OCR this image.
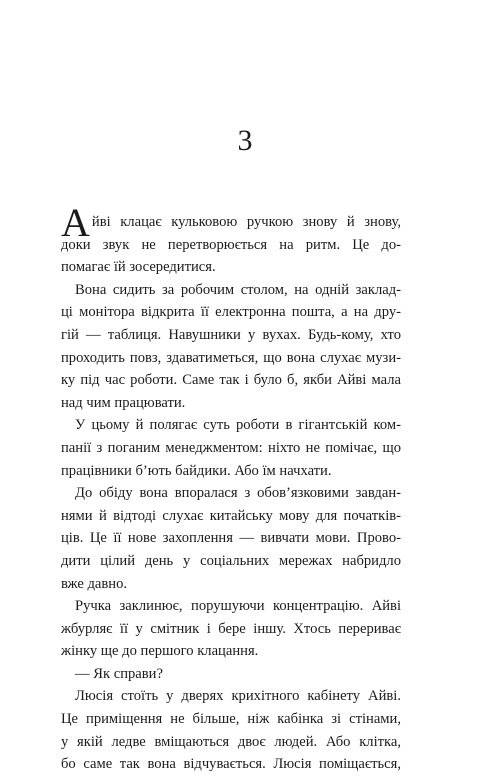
3
А йві клацає кульковою ручкою знову й знову,
доки звук не перетворюється на ритм. Це до-
помагає їй зосередитися.
Вона сидить за робочим столом, на одній заклад-
ці монітора відкрита її електронна пошта, а на дру-
гій — таблиця. Навушники у вухах. Будь-кому, хто
проходить повз, здаватиметься, що вона слухає музи-
ку під час роботи. Саме так і було б, якби Айві мала
над чим працювати.
У цьому й полягає суть роботи в гігантській ком-
панії з поганим менеджментом: ніхто не помічає, що
працівники б’ють байдики. Або їм начхати.
До обіду вона впоралася з обов’язковими завдан-
нями й відтоді слухає китайську мову для початків-
ців. Це її нове захоплення — вивчати мови. Прово-
дити цілий день у соціальних мережах набридло
вже давно.
Ручка заклинює, порушуючи концентрацію. Айві
жбурляє її у смітник і бере іншу. Хтось перериває
жінку ще до першого клацання.
— Як справи?
Люсія стоїть у дверях крихітного кабінету Айві.
Це приміщення не більше, ніж кабінка зі стінами,
у якій ледве вміщаються двоє людей. Або клітка,
бо саме так вона відчувається. Люсія поміщається,
